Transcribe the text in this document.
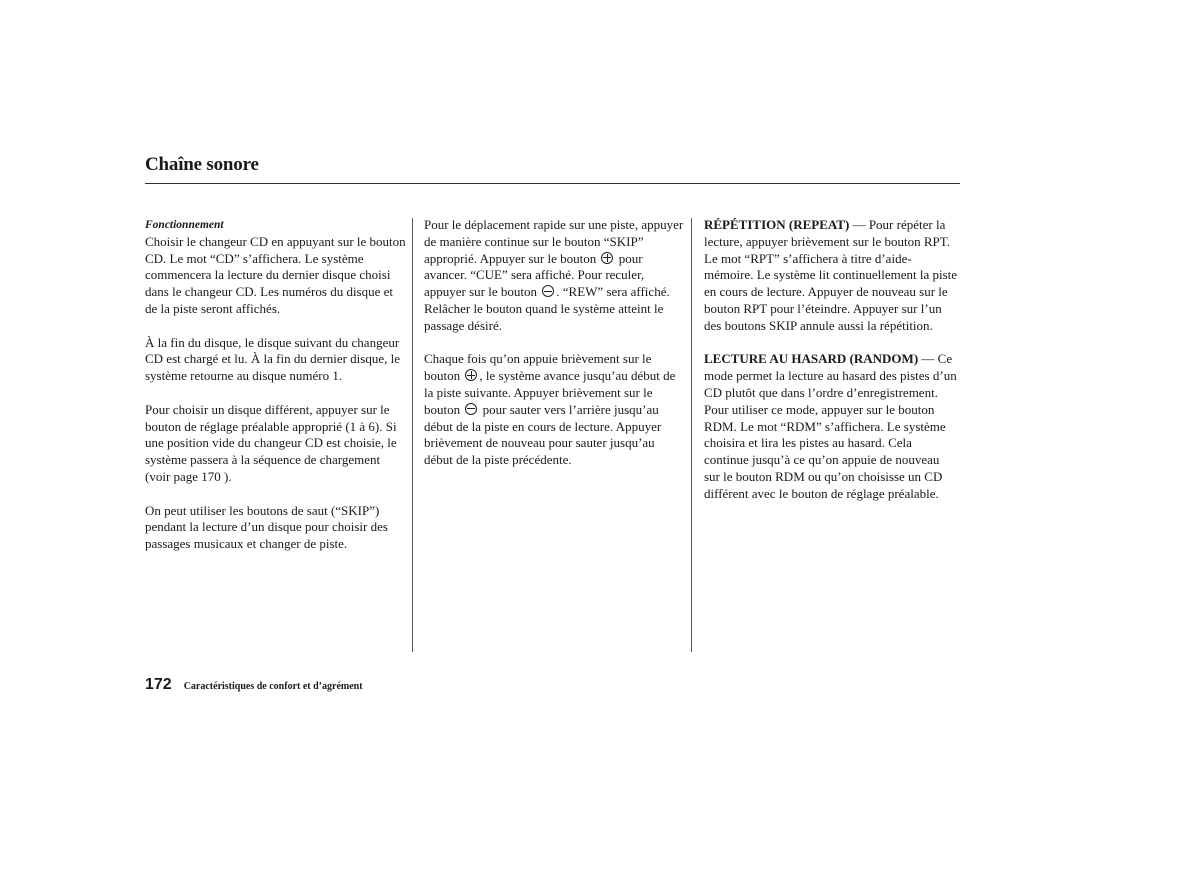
Chaîne sonore
Fonctionnement

Choisir le changeur CD en appuyant sur le bouton CD. Le mot “CD” s’affichera. Le système commencera la lecture du dernier disque choisi dans le changeur CD. Les numéros du disque et de la piste seront affichés.

À la fin du disque, le disque suivant du changeur CD est chargé et lu. À la fin du dernier disque, le système retourne au disque numéro 1.

Pour choisir un disque différent, appuyer sur le bouton de réglage préalable approprié (1 à 6). Si une position vide du changeur CD est choisie, le système passera à la séquence de chargement (voir page 170 ).

On peut utiliser les boutons de saut (“SKIP”) pendant la lecture d’un disque pour choisir des passages musicaux et changer de piste.

Pour le déplacement rapide sur une piste, appuyer de manière continue sur le bouton “SKIP” approprié. Appuyer sur le bouton pour avancer. “CUE” sera affiché. Pour reculer, appuyer sur le bouton . “REW” sera affiché. Relâcher le bouton quand le système atteint le passage désiré.

Chaque fois qu’on appuie brièvement sur le bouton , le système avance jusqu’au début de la piste suivante. Appuyer brièvement sur le bouton pour sauter vers l’arrière jusqu’au début de la piste en cours de lecture. Appuyer brièvement de nouveau pour sauter jusqu’au début de la piste précédente.

RÉPÉTITION (REPEAT) — Pour répéter la lecture, appuyer brièvement sur le bouton RPT. Le mot “RPT” s’affichera à titre d’aide-mémoire. Le système lit continuellement la piste en cours de lecture. Appuyer de nouveau sur le bouton RPT pour l’éteindre. Appuyer sur l’un des boutons SKIP annule aussi la répétition.

LECTURE AU HASARD (RANDOM) — Ce mode permet la lecture au hasard des pistes d’un CD plutôt que dans l’ordre d’enregistrement. Pour utiliser ce mode, appuyer sur le bouton RDM. Le mot “RDM” s’affichera. Le système choisira et lira les pistes au hasard. Cela continue jusqu’à ce qu’on appuie de nouveau sur le bouton RDM ou qu’on choisisse un CD différent avec le bouton de réglage préalable.

172 Caractéristiques de confort et d’agrément
